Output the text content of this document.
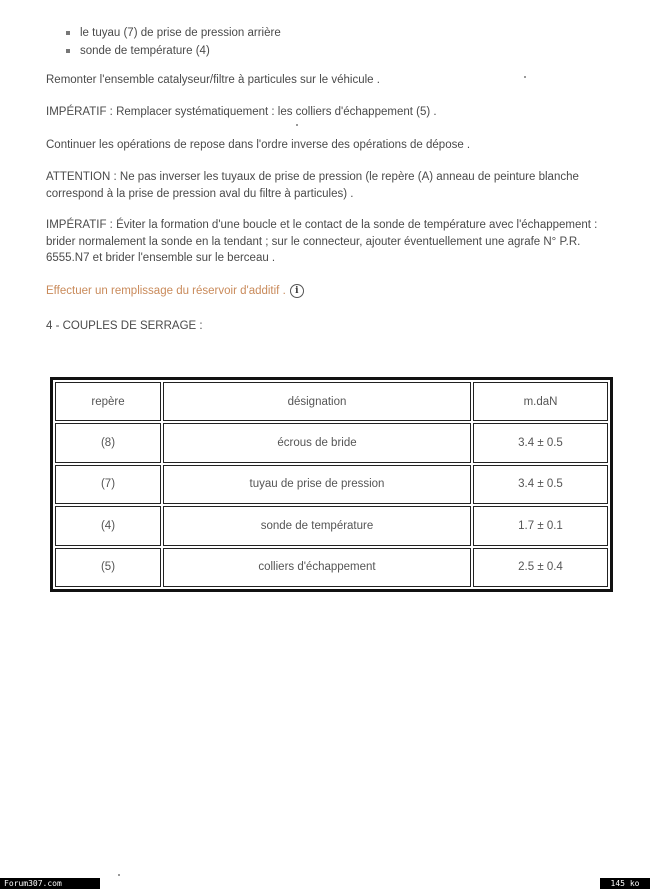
le tuyau (7) de prise de pression arrière
sonde de température (4)

Remonter l'ensemble catalyseur/filtre à particules sur le véhicule .

IMPÉRATIF : Remplacer systématiquement : les colliers d'échappement (5) .

Continuer les opérations de repose dans l'ordre inverse des opérations de dépose .

ATTENTION : Ne pas inverser les tuyaux de prise de pression (le repère (A) anneau de peinture blanche correspond à la prise de pression aval du filtre à particules) .

IMPÉRATIF : Éviter la formation d'une boucle et le contact de la sonde de température avec l'échappement : brider normalement la sonde en la tendant ; sur le connecteur, ajouter éventuellement une agrafe N° P.R. 6555.N7 et brider l'ensemble sur le berceau .

Effectuer un remplissage du réservoir d'additif . i

4 - COUPLES DE SERRAGE :

repère	désignation	m.daN
(8)	écrous de bride	3.4 ± 0.5
(7)	tuyau de prise de pression	3.4 ± 0.5
(4)	sonde de température	1.7 ± 0.1
(5)	colliers d'échappement	2.5 ± 0.4
Forum307.com	145 ko
